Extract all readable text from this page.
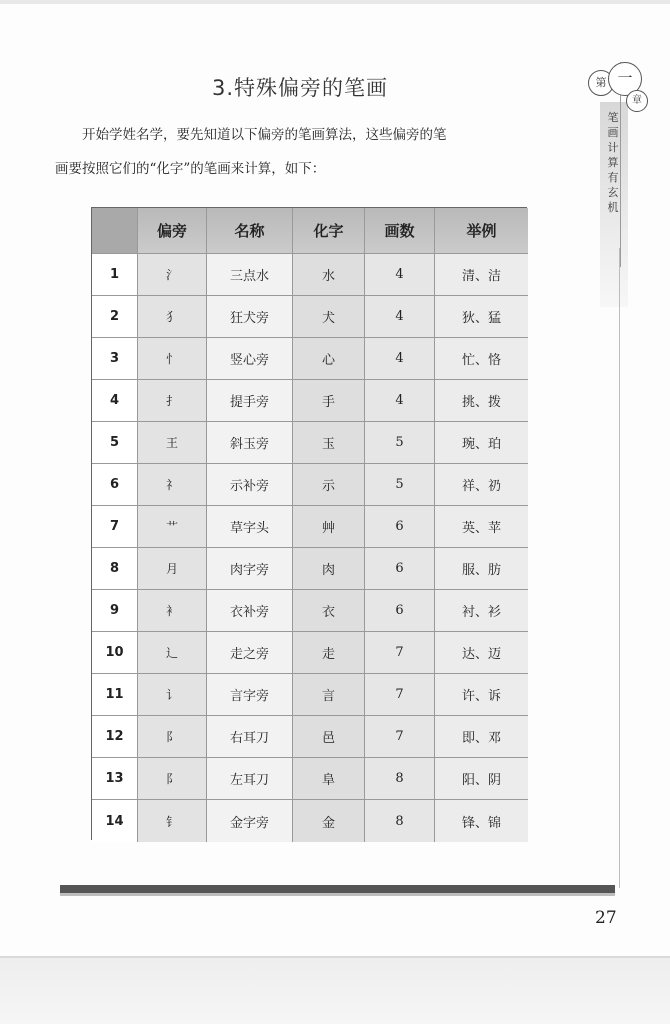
3.特殊偏旁的笔画
开始学姓名学，要先知道以下偏旁的笔画算法，这些偏旁的笔
画要按照它们的“化字”的笔画来计算，如下：
第 一
章
笔
画
计
算
有
玄
机
	偏旁	名称	化字	画数	举例
1	氵	三点水	水	4	清、洁
2	犭	狂犬旁	犬	4	狄、猛
3	忄	竖心旁	心	4	忙、恪
4	扌	提手旁	手	4	挑、拨
5	王	斜玉旁	玉	5	琬、珀
6	礻	示补旁	示	5	祥、礽
7	艹	草字头	艸	6	英、苹
8	月	肉字旁	肉	6	服、肪
9	衤	衣补旁	衣	6	衬、衫
10	辶	走之旁	走	7	达、迈
11	讠	言字旁	言	7	许、诉
12	阝	右耳刀	邑	7	即、邓
13	阝	左耳刀	阜	8	阳、阴
14	钅	金字旁	金	8	锋、锦
27
